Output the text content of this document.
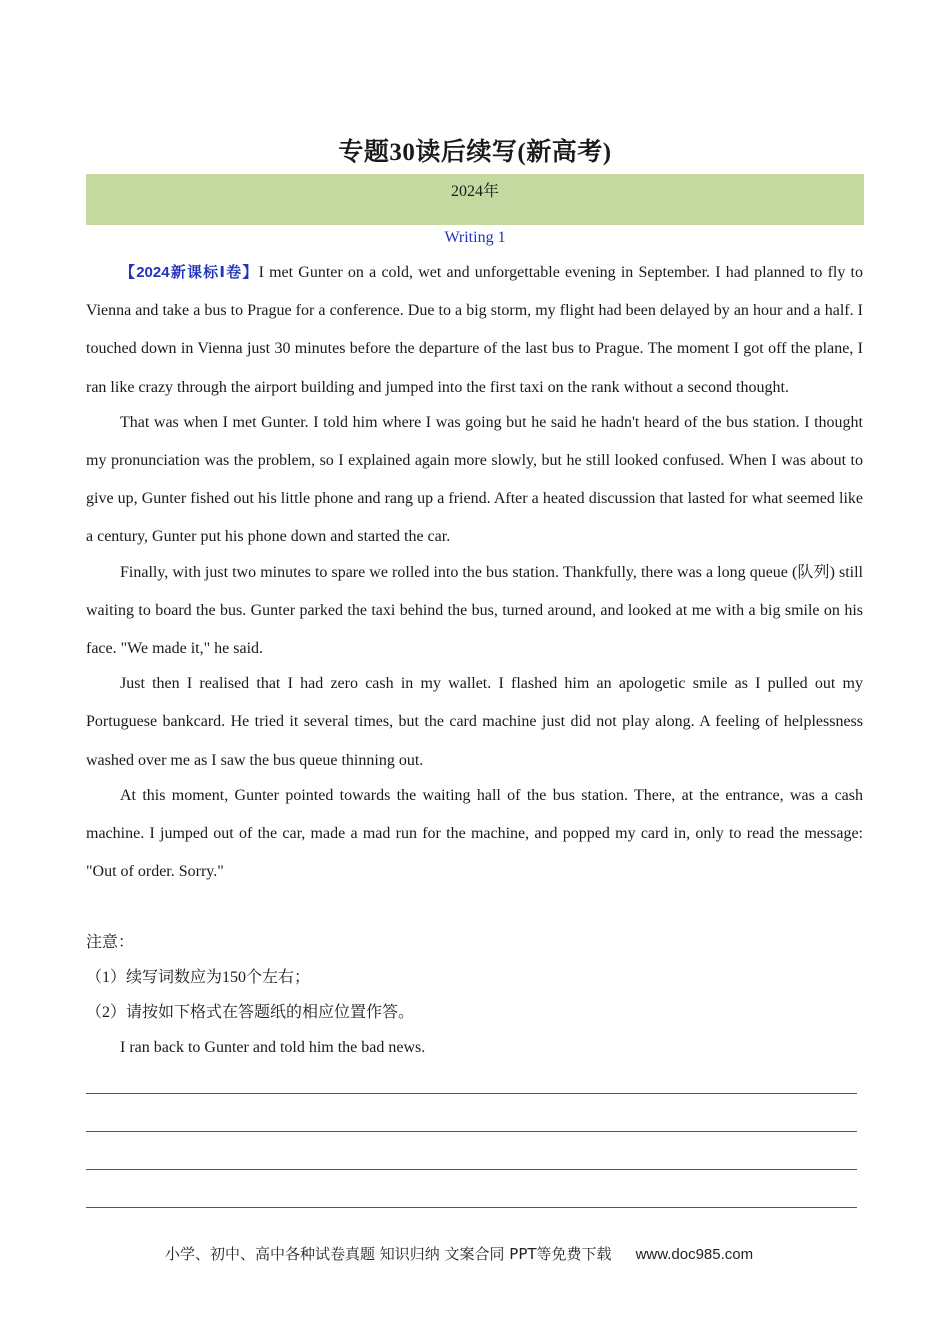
专题30读后续写(新高考)
2024年
Writing 1

【2024新课标Ⅰ卷】I met Gunter on a cold, wet and unforgettable evening in September. I had planned to fly to Vienna and take a bus to Prague for a conference. Due to a big storm, my flight had been delayed by an hour and a half. I touched down in Vienna just 30 minutes before the departure of the last bus to Prague. The moment I got off the plane, I ran like crazy through the airport building and jumped into the first taxi on the rank without a second thought.

That was when I met Gunter. I told him where I was going but he said he hadn't heard of the bus station. I thought my pronunciation was the problem, so I explained again more slowly, but he still looked confused. When I was about to give up, Gunter fished out his little phone and rang up a friend. After a heated discussion that lasted for what seemed like a century, Gunter put his phone down and started the car.

Finally, with just two minutes to spare we rolled into the bus station. Thankfully, there was a long queue (队列) still waiting to board the bus. Gunter parked the taxi behind the bus, turned around, and looked at me with a big smile on his face. "We made it," he said.

Just then I realised that I had zero cash in my wallet. I flashed him an apologetic smile as I pulled out my Portuguese bankcard. He tried it several times, but the card machine just did not play along. A feeling of helplessness washed over me as I saw the bus queue thinning out.

At this moment, Gunter pointed towards the waiting hall of the bus station. There, at the entrance, was a cash machine. I jumped out of the car, made a mad run for the machine, and popped my card in, only to read the message: "Out of order. Sorry."

注意：
（1）续写词数应为150个左右；
（2）请按如下格式在答题纸的相应位置作答。
I ran back to Gunter and told him the bad news.
小学、初中、高中各种试卷真题 知识归纳 文案合同 PPT等免费下载 www.doc985.com
